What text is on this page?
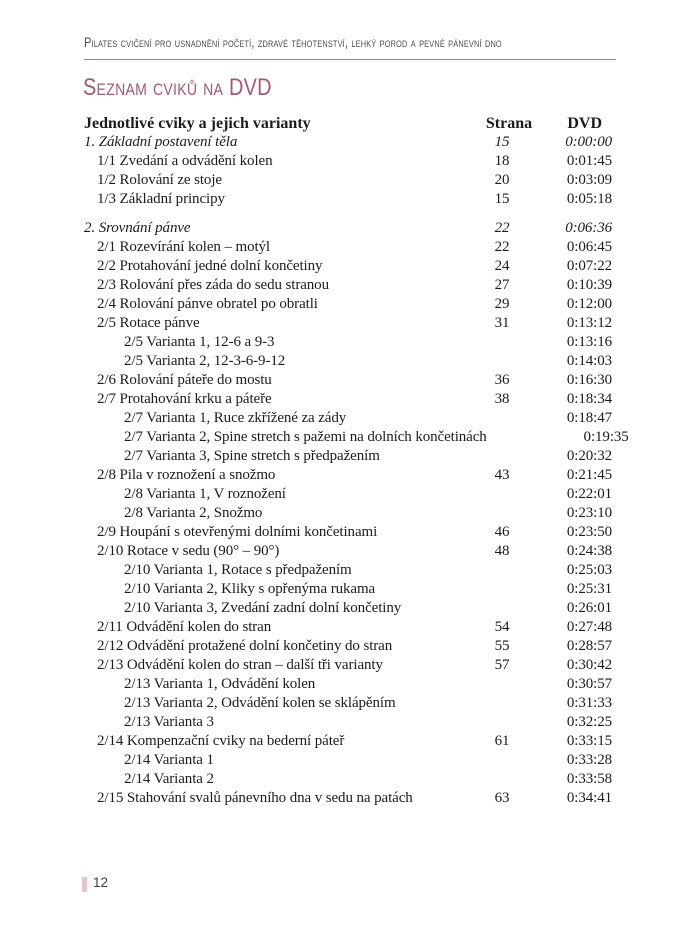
Pilates cvičení pro usnadnění početí, zdravé těhotenství, lehký porod a pevné pánevní dno
Seznam cviků na DVD
Jednotlivé cviky a jejich varianty	Strana	DVD
1. Základní postavení těla	15	0:00:00
1/1 Zvedání a odvádění kolen	18	0:01:45
1/2 Rolování ze stoje	20	0:03:09
1/3 Základní principy	15	0:05:18
2. Srovnání pánve	22	0:06:36
2/1 Rozevírání kolen – motýl	22	0:06:45
2/2 Protahování jedné dolní končetiny	24	0:07:22
2/3 Rolování přes záda do sedu stranou	27	0:10:39
2/4 Rolování pánve obratel po obratli	29	0:12:00
2/5 Rotace pánve	31	0:13:12
2/5 Varianta 1, 12-6 a 9-3	0:13:16
2/5 Varianta 2, 12-3-6-9-12	0:14:03
2/6 Rolování páteře do mostu	36	0:16:30
2/7 Protahování krku a páteře	38	0:18:34
2/7 Varianta 1, Ruce zkřížené za zády	0:18:47
2/7 Varianta 2, Spine stretch s pažemi na dolních končetinách	0:19:35
2/7 Varianta 3, Spine stretch s předpažením	0:20:32
2/8 Pila v roznožení a snožmo	43	0:21:45
2/8 Varianta 1, V roznožení	0:22:01
2/8 Varianta 2, Snožmo	0:23:10
2/9 Houpání s otevřenými dolními končetinami	46	0:23:50
2/10 Rotace v sedu (90° – 90°)	48	0:24:38
2/10 Varianta 1, Rotace s předpažením	0:25:03
2/10 Varianta 2, Kliky s opřenýma rukama	0:25:31
2/10 Varianta 3, Zvedání zadní dolní končetiny	0:26:01
2/11 Odvádění kolen do stran	54	0:27:48
2/12 Odvádění protažené dolní končetiny do stran	55	0:28:57
2/13 Odvádění kolen do stran – další tři varianty	57	0:30:42
2/13 Varianta 1, Odvádění kolen	0:30:57
2/13 Varianta 2, Odvádění kolen se sklápěním	0:31:33
2/13 Varianta 3	0:32:25
2/14 Kompenzační cviky na bederní páteř	61	0:33:15
2/14 Varianta 1	0:33:28
2/14 Varianta 2	0:33:58
2/15 Stahování svalů pánevního dna v sedu na patách	63	0:34:41
12
